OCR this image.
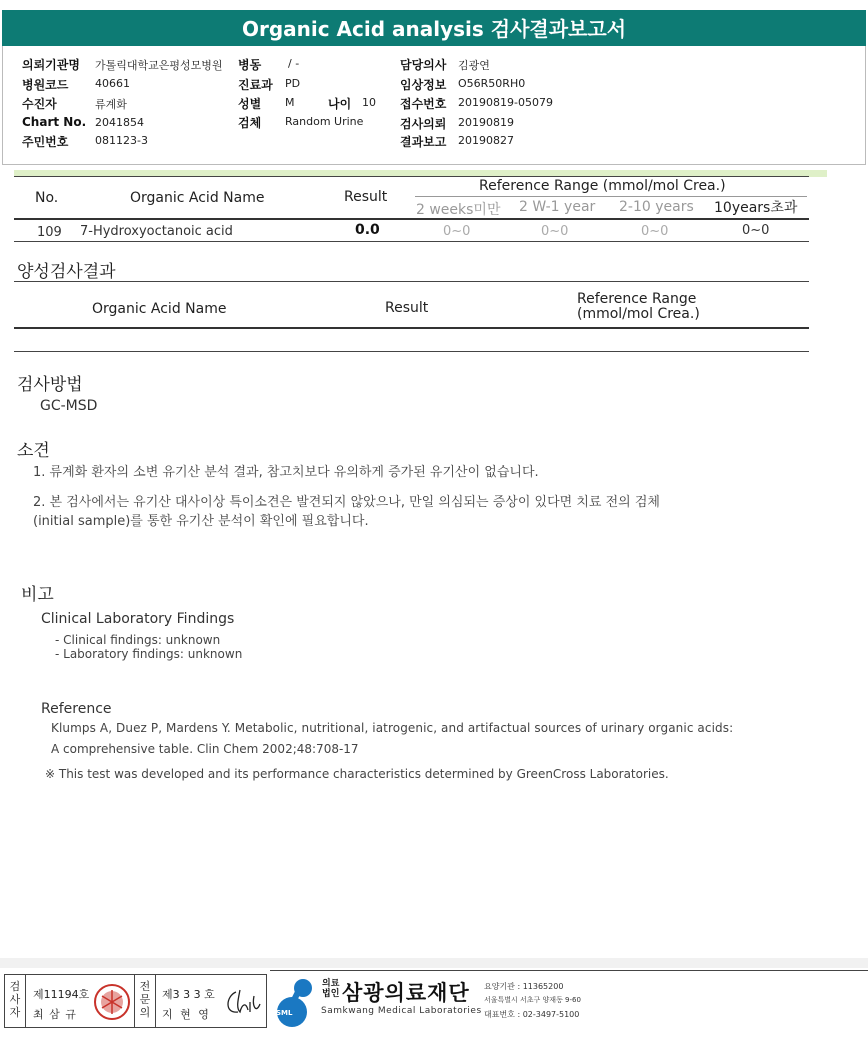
Organic Acid analysis 검사결과보고서
의뢰기관명 가톨릭대학교은평성모병원 병동 / -
병원코드 40661	진료과 PD
수진자	류계화	성별 M	나이 10
Chart No. 2041854	검체 Random Urine
주민번호 081123-3
담당의사 김광연
임상정보 O56R50RH0
접수번호 20190819-05079
검사의뢰 20190819
결과보고 20190827
No.	Organic Acid Name	Result
Reference Range (mmol/mol Crea.)
2 weeks미만 2 W-1 year 2-10 years 10years초과
109 7-Hydroxyoctanoic acid	0.0	0~0	0~0	0~0	0~0
양성검사결과
Organic Acid Name	Result
Reference Range
(mmol/mol Crea.)
검사방법
GC-MSD
소견
1. 류계화 환자의 소변 유기산 분석 결과, 참고치보다 유의하게 증가된 유기산이 없습니다.
2. 본 검사에서는 유기산 대사이상 특이소견은 발견되지 않았으나, 만일 의심되는 증상이 있다면 치료 전의 검체
(initial sample)를 통한 유기산 분석이 확인에 필요합니다.
비고
Clinical Laboratory Findings
- Clinical findings: unknown
- Laboratory findings: unknown
Reference
Klumps A, Duez P, Mardens Y. Metabolic, nutritional, iatrogenic, and artifactual sources of urinary organic acids:
A comprehensive table. Clin Chem 2002;48:708-17
※ This test was developed and its performance characteristics determined by GreenCross Laboratories.
검사자
제11194호
최 삼 규
전문의
제3 3 3 호
지 현 영	SML
의료법인 삼광의료재단
Samkwang Medical Laboratories
요양기관 : 11365200
서울특별시 서초구 양재동 9-60
대표번호 : 02-3497-5100
